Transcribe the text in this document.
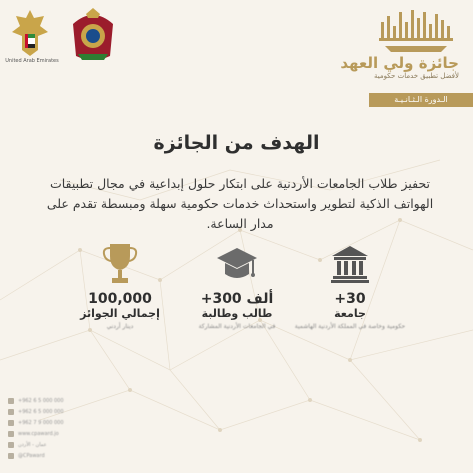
United Arab Emirates	جائزة ولي العهد
لأفضل تطبيق خدمات حكومية
الـدورة الـثـانـيـة
الهدف من الجائزة
تحفيز طلاب الجامعات الأردنية على ابتكار حلول إبداعية في مجال تطبيقات الهواتف الذكية لتطوير واستحداث خدمات حكومية سهلة ومبسطة تقدم على مدار الساعة.
100,000
إجمالي الجوائز
دينار أردني
+300 ألف
طالب وطالبة
في الجامعات الأردنية المشاركة
+30
جامعة
حكومية وخاصة في المملكة الأردنية الهاشمية
+962 6 5 000 000
+962 6 5 000 000
+962 7 9 000 000
www.cpaward.jo
عمان - الأردن
@CPaward
